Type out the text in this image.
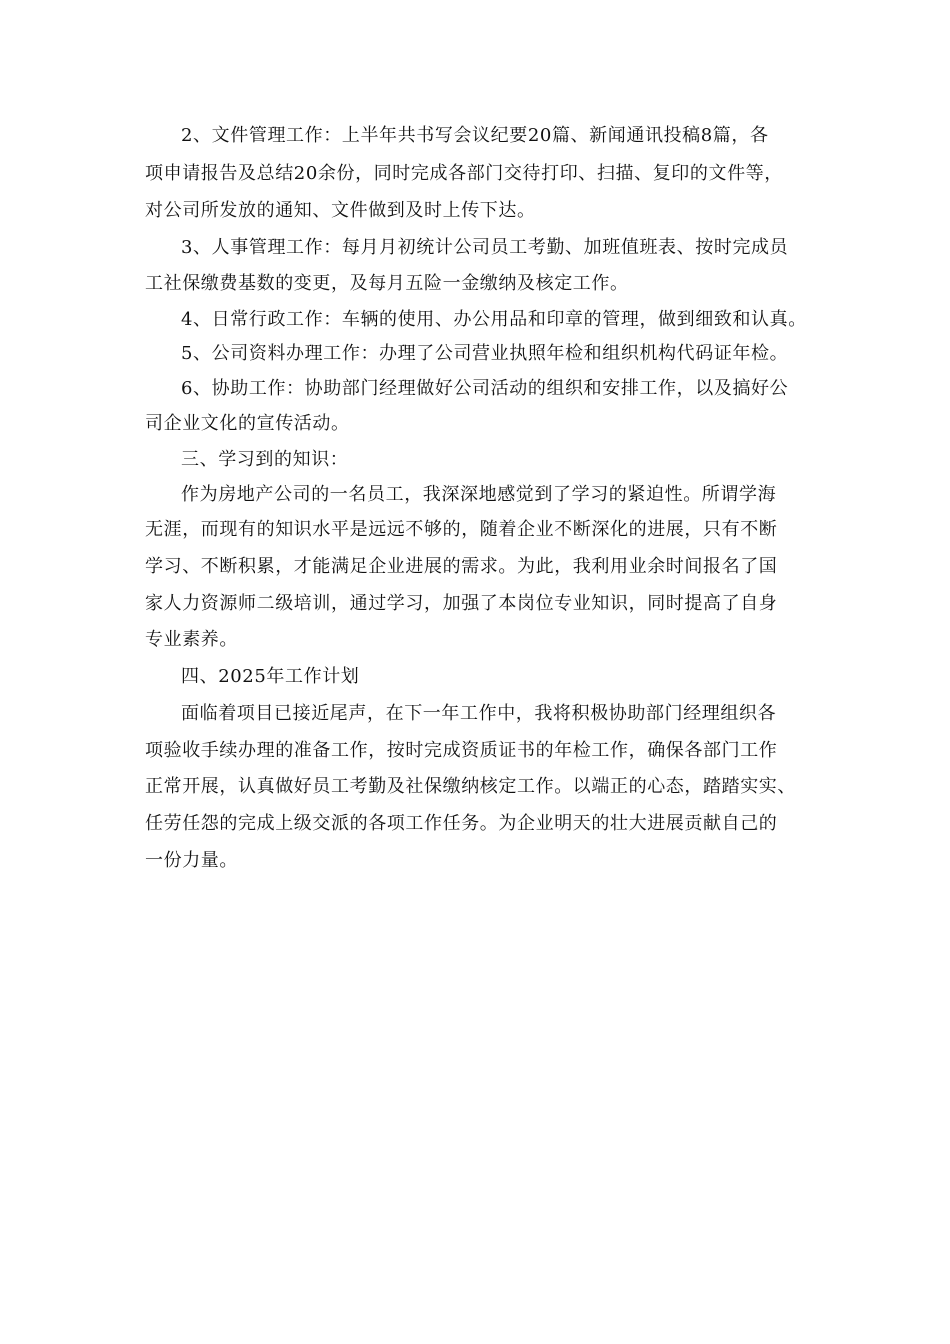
2、文件管理工作：上半年共书写会议纪要20篇、新闻通讯投稿8篇，各
项申请报告及总结20余份，同时完成各部门交待打印、扫描、复印的文件等，
对公司所发放的通知、文件做到及时上传下达。
3、人事管理工作：每月月初统计公司员工考勤、加班值班表、按时完成员
工社保缴费基数的变更，及每月五险一金缴纳及核定工作。
4、日常行政工作：车辆的使用、办公用品和印章的管理，做到细致和认真。
5、公司资料办理工作：办理了公司营业执照年检和组织机构代码证年检。
6、协助工作：协助部门经理做好公司活动的组织和安排工作，以及搞好公
司企业文化的宣传活动。
三、学习到的知识：
作为房地产公司的一名员工，我深深地感觉到了学习的紧迫性。所谓学海
无涯，而现有的知识水平是远远不够的，随着企业不断深化的进展，只有不断
学习、不断积累，才能满足企业进展的需求。为此，我利用业余时间报名了国
家人力资源师二级培训，通过学习，加强了本岗位专业知识，同时提高了自身
专业素养。
四、2025年工作计划
面临着项目已接近尾声，在下一年工作中，我将积极协助部门经理组织各
项验收手续办理的准备工作，按时完成资质证书的年检工作，确保各部门工作
正常开展，认真做好员工考勤及社保缴纳核定工作。以端正的心态，踏踏实实、
任劳任怨的完成上级交派的各项工作任务。为企业明天的壮大进展贡献自己的
一份力量。
